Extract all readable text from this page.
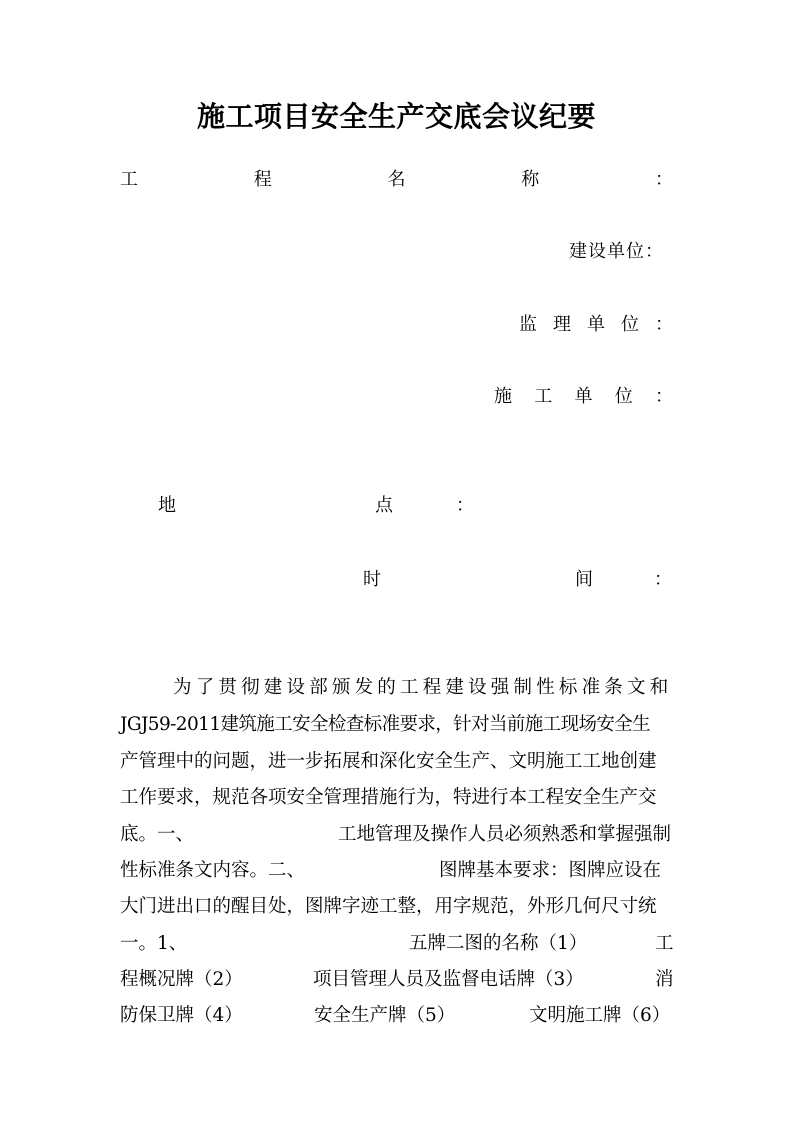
施工项目安全生产交底会议纪要
工	程	名	称	：
建设单位：
监 理 单 位 ：
施 工 单 位 ：
地	点	：
时	间	：
为了贯彻建设部颁发的工程建设强制性标准条文和
JGJ59-2011建筑施工安全检查标准要求，针对当前施工现场安全生
产管理中的问题，进一步拓展和深化安全生产、文明施工工地创建
工作要求，规范各项安全管理措施行为，特进行本工程安全生产交
底。一、	工地管理及操作人员必须熟悉和掌握强制
性标准条文内容。二、	图牌基本要求：图牌应设在
大门进出口的醒目处，图牌字迹工整，用字规范，外形几何尺寸统
一。1、	五牌二图的名称（1）	工
程概况牌（2）	项目管理人员及监督电话牌（3）	消
防保卫牌（4）	安全生产牌（5）	文明施工牌（6）
